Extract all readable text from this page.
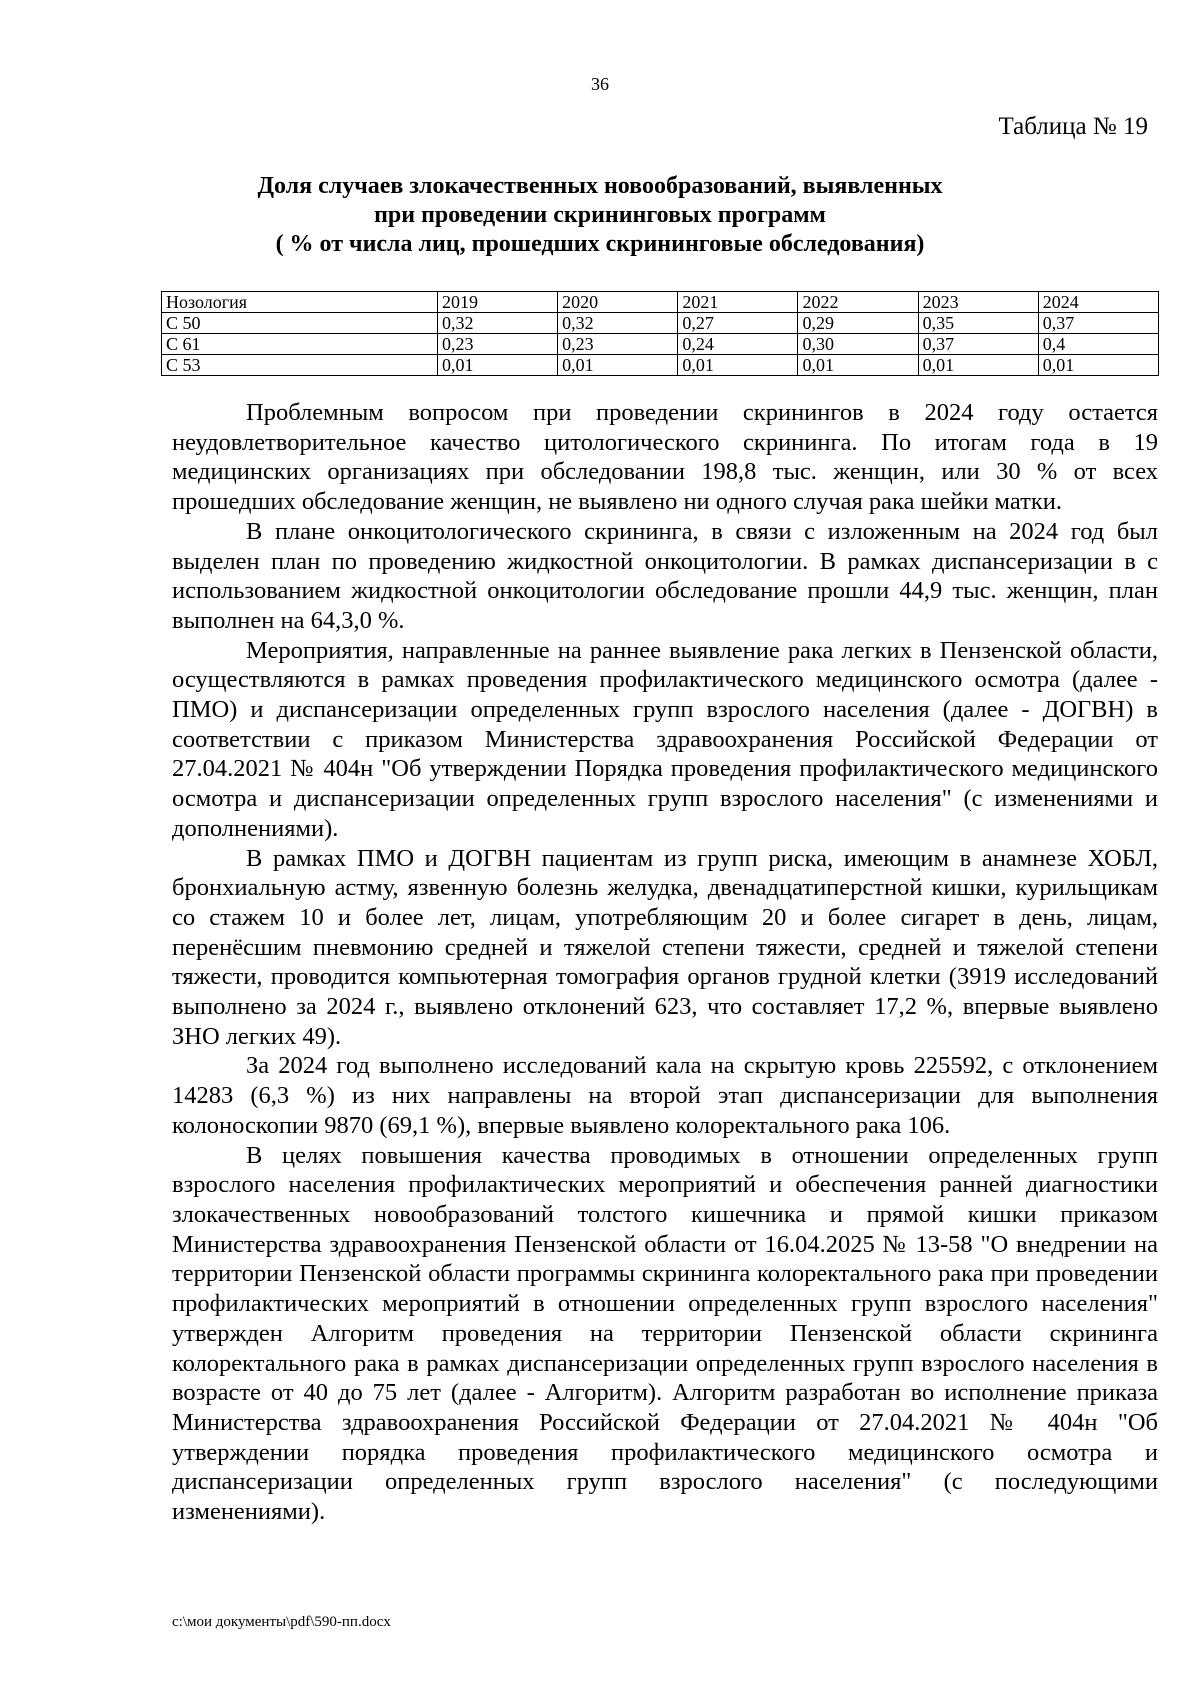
36
Таблица № 19
Доля случаев злокачественных новообразований, выявленных
при проведении скрининговых программ
( % от числа лиц, прошедших скрининговые обследования)
Нозология	2019	2020	2021	2022	2023	2024
С 50	0,32	0,32	0,27	0,29	0,35	0,37
С 61	0,23	0,23	0,24	0,30	0,37	0,4
С 53	0,01	0,01	0,01	0,01	0,01	0,01

Проблемным вопросом при проведении скринингов в 2024 году остается неудовлетворительное качество цитологического скрининга. По итогам года в 19 медицинских организациях при обследовании 198,8 тыс. женщин, или 30 % от всех прошедших обследование женщин, не выявлено ни одного случая рака шейки матки.

В плане онкоцитологического скрининга, в связи с изложенным на 2024 год был выделен план по проведению жидкостной онкоцитологии. В рамках диспансеризации в с использованием жидкостной онкоцитологии обследование прошли 44,9 тыс. женщин, план выполнен на 64,3,0 %.

Мероприятия, направленные на раннее выявление рака легких в Пензенской области, осуществляются в рамках проведения профилактического медицинского осмотра (далее - ПМО) и диспансеризации определенных групп взрослого населения (далее - ДОГВН) в соответствии с приказом Министерства здравоохранения Российской Федерации от 27.04.2021 № 404н "Об утверждении Порядка проведения профилактического медицинского осмотра и диспансеризации определенных групп взрослого населения" (с изменениями и дополнениями).

В рамках ПМО и ДОГВН пациентам из групп риска, имеющим в анамнезе ХОБЛ, бронхиальную астму, язвенную болезнь желудка, двенадцатиперстной кишки, курильщикам со стажем 10 и более лет, лицам, употребляющим 20 и более сигарет в день, лицам, перенёсшим пневмонию средней и тяжелой степени тяжести, средней и тяжелой степени тяжести, проводится компьютерная томография органов грудной клетки (3919 исследований выполнено за 2024 г., выявлено отклонений 623, что составляет 17,2 %, впервые выявлено ЗНО легких 49).

За 2024 год выполнено исследований кала на скрытую кровь 225592, с отклонением 14283 (6,3 %) из них направлены на второй этап диспансеризации для выполнения колоноскопии 9870 (69,1 %), впервые выявлено колоректального рака 106.

В целях повышения качества проводимых в отношении определенных групп взрослого населения профилактических мероприятий и обеспечения ранней диагностики злокачественных новообразований толстого кишечника и прямой кишки приказом Министерства здравоохранения Пензенской области от 16.04.2025 № 13-58 "О внедрении на территории Пензенской области программы скрининга колоректального рака при проведении профилактических мероприятий в отношении определенных групп взрослого населения" утвержден Алгоритм проведения на территории Пензенской области скрининга колоректального рака в рамках диспансеризации определенных групп взрослого населения в возрасте от 40 до 75 лет (далее - Алгоритм). Алгоритм разработан во исполнение приказа Министерства здравоохранения Российской Федерации от 27.04.2021 № 404н "Об утверждении порядка проведения профилактического медицинского осмотра и диспансеризации определенных групп взрослого населения" (с последующими изменениями).

c:\мои документы\pdf\590-пп.docx
